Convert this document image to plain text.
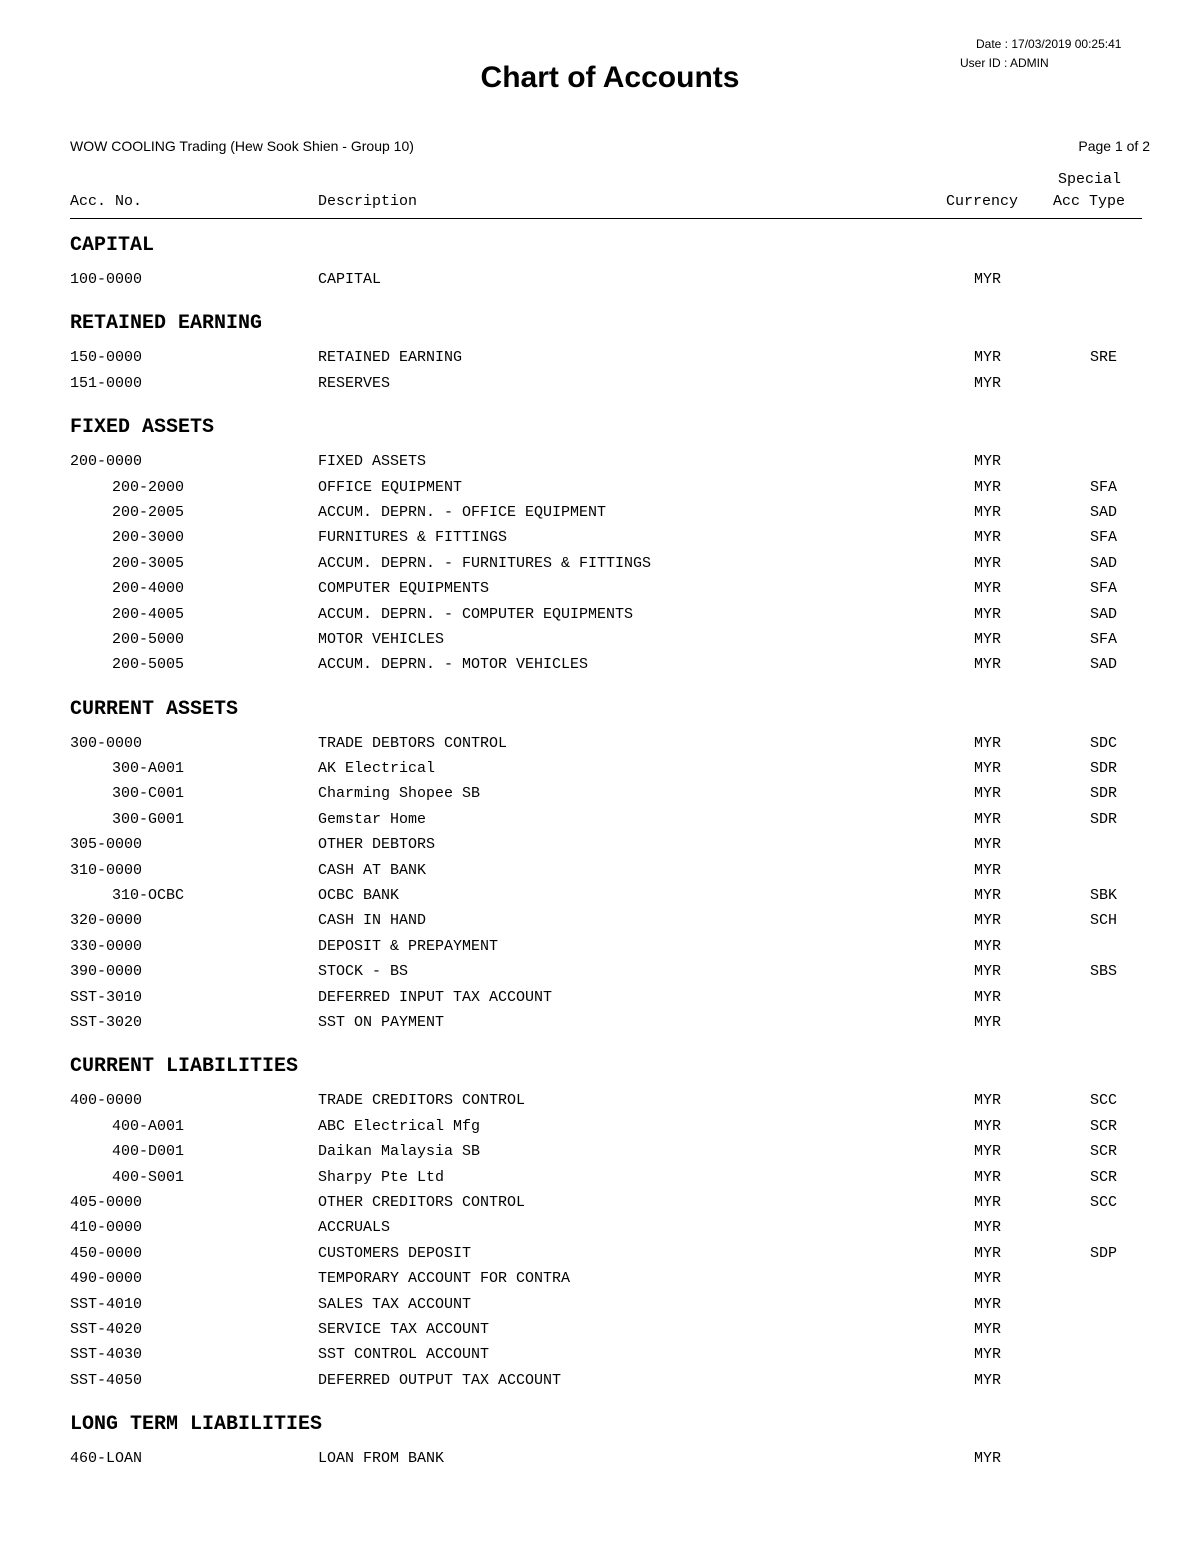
Date : 17/03/2019 00:25:41
User ID : ADMIN
Chart of Accounts
WOW COOLING Trading (Hew Sook Shien - Group 10)	Page 1 of 2
Acc. No.	Description	Currency
Special
Acc Type
CAPITAL
100-0000	CAPITAL	MYR
RETAINED EARNING
150-0000	RETAINED EARNING	MYR	SRE
151-0000	RESERVES	MYR
FIXED ASSETS
200-0000	FIXED ASSETS	MYR
200-2000	OFFICE EQUIPMENT	MYR	SFA
200-2005	ACCUM. DEPRN. - OFFICE EQUIPMENT	MYR	SAD
200-3000	FURNITURES & FITTINGS	MYR	SFA
200-3005	ACCUM. DEPRN. - FURNITURES & FITTINGS	MYR	SAD
200-4000	COMPUTER EQUIPMENTS	MYR	SFA
200-4005	ACCUM. DEPRN. - COMPUTER EQUIPMENTS	MYR	SAD
200-5000	MOTOR VEHICLES	MYR	SFA
200-5005	ACCUM. DEPRN. - MOTOR VEHICLES	MYR	SAD
CURRENT ASSETS
300-0000	TRADE DEBTORS CONTROL	MYR	SDC
300-A001	AK Electrical	MYR	SDR
300-C001	Charming Shopee SB	MYR	SDR
300-G001	Gemstar Home	MYR	SDR
305-0000	OTHER DEBTORS	MYR
310-0000	CASH AT BANK	MYR
310-OCBC	OCBC BANK	MYR	SBK
320-0000	CASH IN HAND	MYR	SCH
330-0000	DEPOSIT & PREPAYMENT	MYR
390-0000	STOCK - BS	MYR	SBS
SST-3010	DEFERRED INPUT TAX ACCOUNT	MYR
SST-3020	SST ON PAYMENT	MYR
CURRENT LIABILITIES
400-0000	TRADE CREDITORS CONTROL	MYR	SCC
400-A001	ABC Electrical Mfg	MYR	SCR
400-D001	Daikan Malaysia SB	MYR	SCR
400-S001	Sharpy Pte Ltd	MYR	SCR
405-0000	OTHER CREDITORS CONTROL	MYR	SCC
410-0000	ACCRUALS	MYR
450-0000	CUSTOMERS DEPOSIT	MYR	SDP
490-0000	TEMPORARY ACCOUNT FOR CONTRA	MYR
SST-4010	SALES TAX ACCOUNT	MYR
SST-4020	SERVICE TAX ACCOUNT	MYR
SST-4030	SST CONTROL ACCOUNT	MYR
SST-4050	DEFERRED OUTPUT TAX ACCOUNT	MYR
LONG TERM LIABILITIES
460-LOAN	LOAN FROM BANK	MYR
